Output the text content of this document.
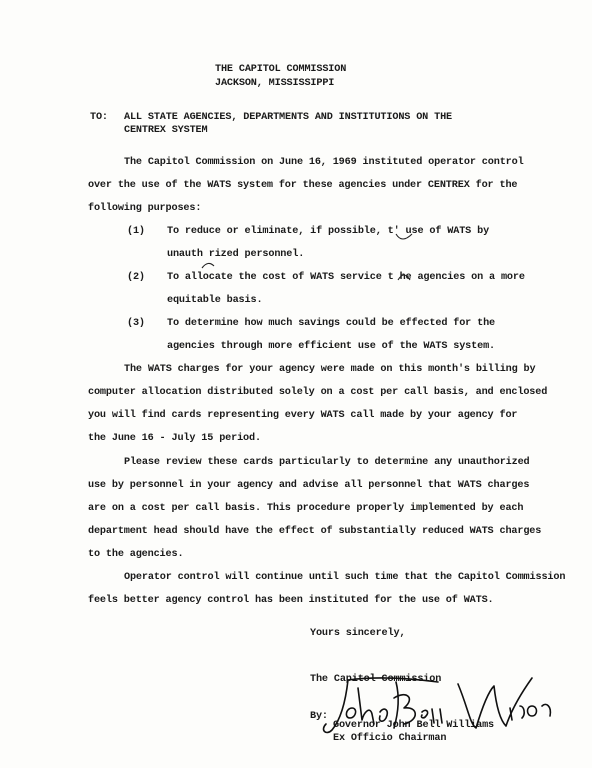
THE CAPITOL COMMISSION
JACKSON, MISSISSIPPI
TO: ALL STATE AGENCIES, DEPARTMENTS AND INSTITUTIONS ON THE
CENTREX SYSTEM
The Capitol Commission on June 16, 1969 instituted operator control
over the use of the WATS system for these agencies under CENTREX for the
following purposes:
(1) To reduce or eliminate, if possible, t' use of WATS by
unauth rized personnel.
(2) To allocate the cost of WATS service t he agencies on a more
equitable basis.
(3) To determine how much savings could be effected for the
agencies through more efficient use of the WATS system.
The WATS charges for your agency were made on this month's billing by
computer allocation distributed solely on a cost per call basis, and enclosed
you will find cards representing every WATS call made by your agency for
the June 16 - July 15 period.
Please review these cards particularly to determine any unauthorized
use by personnel in your agency and advise all personnel that WATS charges
are on a cost per call basis. This procedure properly implemented by each
department head should have the effect of substantially reduced WATS charges
to the agencies.
Operator control will continue until such time that the Capitol Commission
feels better agency control has been instituted for the use of WATS.
Yours sincerely,
The Capitol Commission
By:
Governor John Bell Williams
Ex Officio Chairman
